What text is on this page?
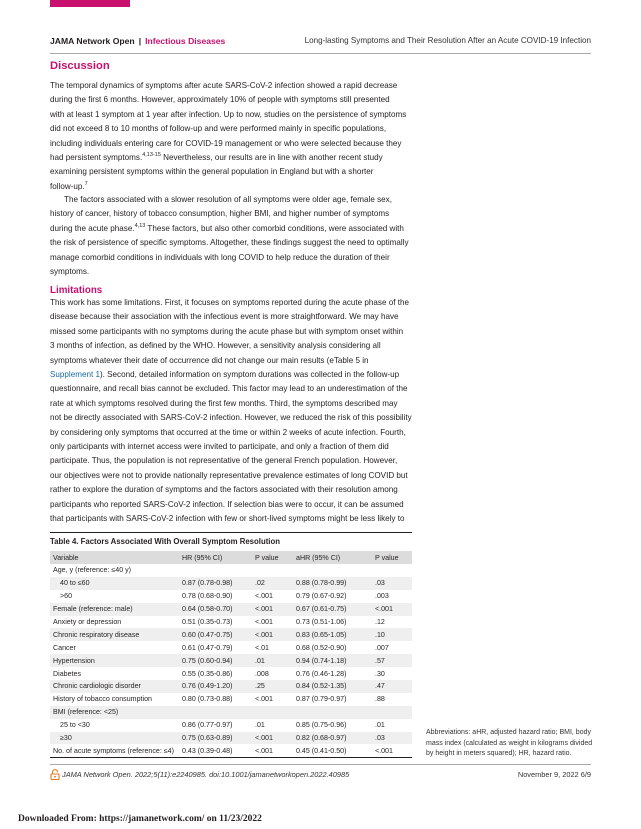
JAMA Network Open | Infectious Diseases	Long-lasting Symptoms and Their Resolution After an Acute COVID-19 Infection
Discussion

The temporal dynamics of symptoms after acute SARS-CoV-2 infection showed a rapid decrease
during the first 6 months. However, approximately 10% of people with symptoms still presented
with at least 1 symptom at 1 year after infection. Up to now, studies on the persistence of symptoms
did not exceed 8 to 10 months of follow-up and were performed mainly in specific populations,
including individuals entering care for COVID-19 management or who were selected because they
had persistent symptoms.$^{4,13-15}$ Nevertheless, our results are in line with another recent study
examining persistent symptoms within the general population in England but with a shorter
follow-up.$^7$

The factors associated with a slower resolution of all symptoms were older age, female sex,
history of cancer, history of tobacco consumption, higher BMI, and higher number of symptoms
during the acute phase.$^{4,13}$ These factors, but also other comorbid conditions, were associated with
the risk of persistence of specific symptoms. Altogether, these findings suggest the need to optimally
manage comorbid conditions in individuals with long COVID to help reduce the duration of their
symptoms.

Limitations

This work has some limitations. First, it focuses on symptoms reported during the acute phase of the
disease because their association with the infectious event is more straightforward. We may have
missed some participants with no symptoms during the acute phase but with symptom onset within
3 months of infection, as defined by the WHO. However, a sensitivity analysis considering all
symptoms whatever their date of occurrence did not change our main results (eTable 5 in
Supplement 1). Second, detailed information on symptom durations was collected in the follow-up
questionnaire, and recall bias cannot be excluded. This factor may lead to an underestimation of the
rate at which symptoms resolved during the first few months. Third, the symptoms described may
not be directly associated with SARS-CoV-2 infection. However, we reduced the risk of this possibility
by considering only symptoms that occurred at the time or within 2 weeks of acute infection. Fourth,
only participants with internet access were invited to participate, and only a fraction of them did
participate. Thus, the population is not representative of the general French population. However,
our objectives were not to provide nationally representative prevalence estimates of long COVID but
rather to explore the duration of symptoms and the factors associated with their resolution among
participants who reported SARS-CoV-2 infection. If selection bias were to occur, it can be assumed
that participants with SARS-CoV-2 infection with few or short-lived symptoms might be less likely to

Table 4. Factors Associated With Overall Symptom Resolution
Variable	HR (95% CI)	P value	aHR (95% CI)	P value
Age, y (reference: ≤40 y)				
40 to ≤60	0.87 (0.78-0.98)	.02	0.88 (0.78-0.99)	.03
>60	0.78 (0.68-0.90)	<.001	0.79 (0.67-0.92)	.003
Female (reference: male)	0.64 (0.58-0.70)	<.001	0.67 (0.61-0.75)	<.001
Anxiety or depression	0.51 (0.35-0.73)	<.001	0.73 (0.51-1.06)	.12
Chronic respiratory disease	0.60 (0.47-0.75)	<.001	0.83 (0.65-1.05)	.10
Cancer	0.61 (0.47-0.79)	<.01	0.68 (0.52-0.90)	.007
Hypertension	0.75 (0.60-0.94)	.01	0.94 (0.74-1.18)	.57
Diabetes	0.55 (0.35-0.86)	.008	0.76 (0.46-1.28)	.30
Chronic cardiologic disorder	0.76 (0.49-1.20)	.25	0.84 (0.52-1.35)	.47
History of tobacco consumption	0.80 (0.73-0.88)	<.001	0.87 (0.79-0.97)	.88
BMI (reference: <25)				
25 to <30	0.86 (0.77-0.97)	.01	0.85 (0.75-0.96)	.01
≥30	0.75 (0.63-0.89)	<.001	0.82 (0.68-0.97)	.03
No. of acute symptoms (reference: ≤4)	0.43 (0.39-0.48)	<.001	0.45 (0.41-0.50)	<.001
Abbreviations: aHR, adjusted hazard ratio; BMI, body
mass index (calculated as weight in kilograms divided
by height in meters squared); HR, hazard ratio.
JAMA Network Open. 2022;5(11):e2240985. doi:10.1001/jamanetworkopen.2022.40985	November 9, 2022 6/9
Downloaded From: https://jamanetwork.com/ on 11/23/2022
